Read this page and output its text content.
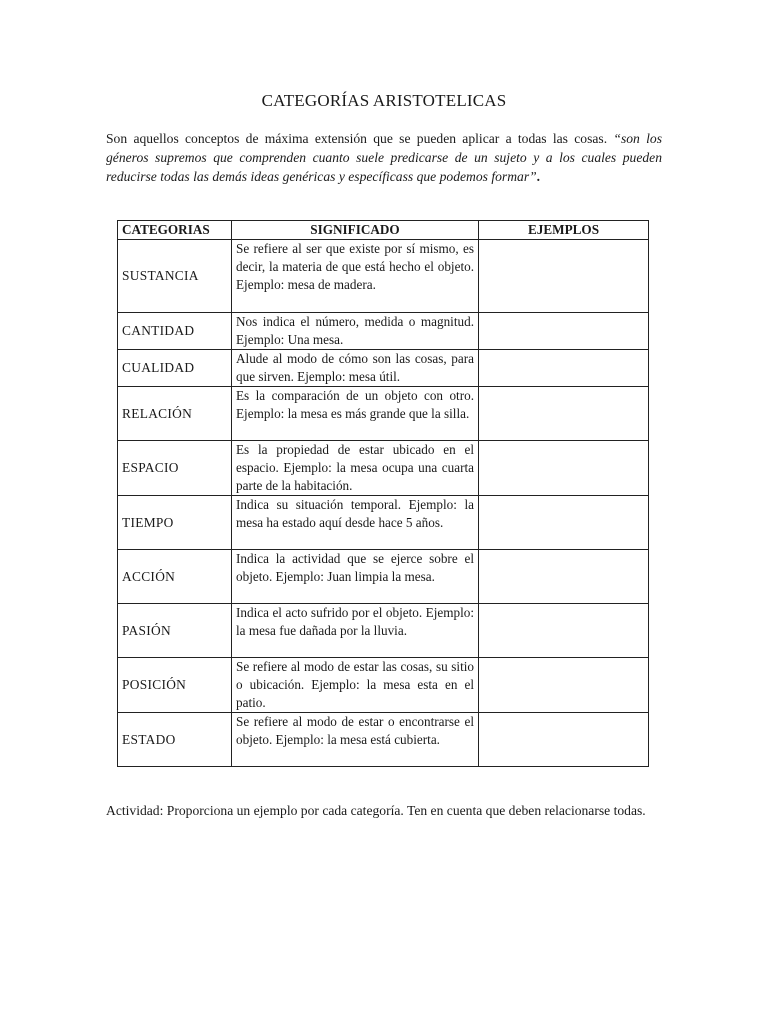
CATEGORÍAS ARISTOTELICAS

Son aquellos conceptos de máxima extensión que se pueden aplicar a todas las cosas. “son los géneros supremos que comprenden cuanto suele predicarse de un sujeto y a los cuales pueden reducirse todas las demás ideas genéricas y específicass que podemos formar”.

CATEGORIAS	SIGNIFICADO	EJEMPLOS
SUSTANCIA	Se refiere al ser que existe por sí mismo, es decir, la materia de que está hecho el objeto. Ejemplo: mesa de madera.	
CANTIDAD	Nos indica el número, medida o magnitud. Ejemplo: Una mesa.	
CUALIDAD	Alude al modo de cómo son las cosas, para que sirven. Ejemplo: mesa útil.	
RELACIÓN	Es la comparación de un objeto con otro. Ejemplo: la mesa es más grande que la silla.	
ESPACIO	Es la propiedad de estar ubicado en el espacio. Ejemplo: la mesa ocupa una cuarta parte de la habitación.	
TIEMPO	Indica su situación temporal. Ejemplo: la mesa ha estado aquí desde hace 5 años.	
ACCIÓN	Indica la actividad que se ejerce sobre el objeto. Ejemplo: Juan limpia la mesa.	
PASIÓN	Indica el acto sufrido por el objeto. Ejemplo: la mesa fue dañada por la lluvia.	
POSICIÓN	Se refiere al modo de estar las cosas, su sitio o ubicación. Ejemplo: la mesa esta en el patio.	
ESTADO	Se refiere al modo de estar o encontrarse el objeto. Ejemplo: la mesa está cubierta.	

Actividad: Proporciona un ejemplo por cada categoría. Ten en cuenta que deben relacionarse todas.
